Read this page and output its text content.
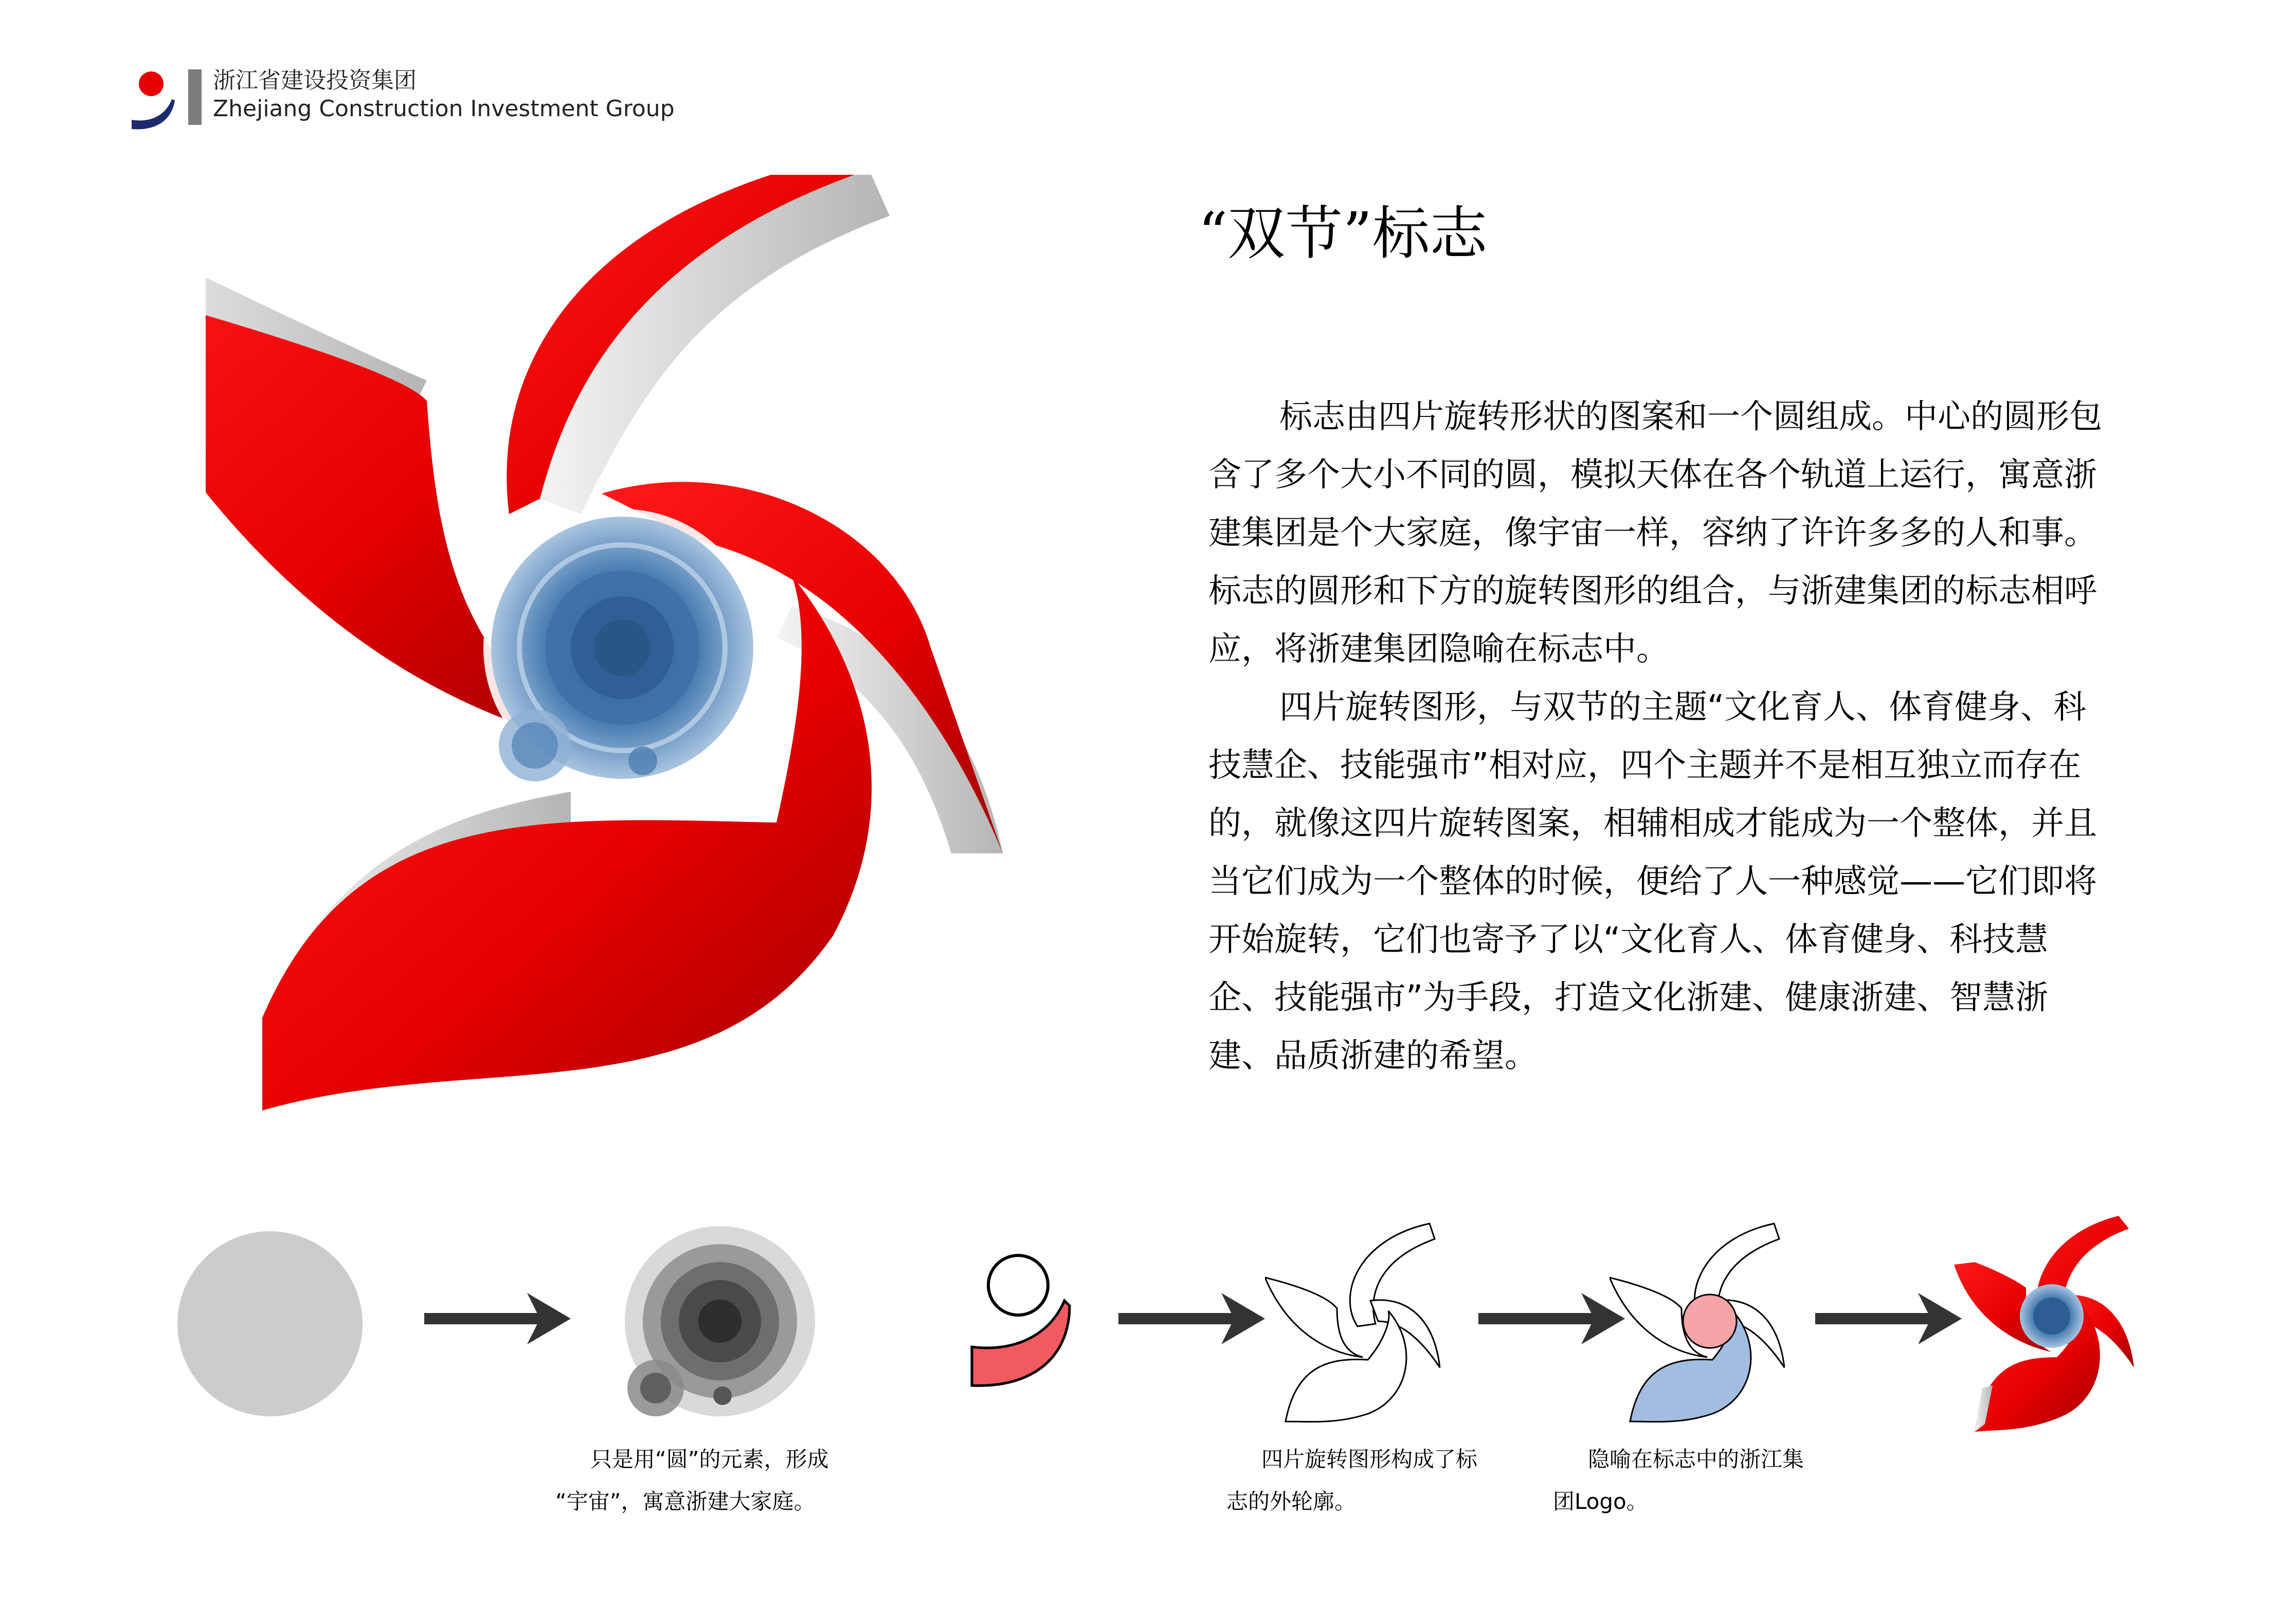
浙江省建设投资集团
Zhejiang Construction Investment Group
“双节”标志

标志由四片旋转形状的图案和一个圆组成。中心的圆形包含了多个大小不同的圆，模拟天体在各个轨道上运行，寓意浙建集团是个大家庭，像宇宙一样，容纳了许许多多的人和事。标志的圆形和下方的旋转图形的组合，与浙建集团的标志相呼应，将浙建集团隐喻在标志中。

四片旋转图形，与双节的主题“文化育人、体育健身、科技慧企、技能强市”相对应，四个主题并不是相互独立而存在的，就像这四片旋转图案，相辅相成才能成为一个整体，并且当它们成为一个整体的时候，便给了人一种感觉——它们即将开始旋转，它们也寄予了以“文化育人、体育健身、科技慧企、技能强市”为手段，打造文化浙建、健康浙建、智慧浙建、品质浙建的希望。

只是用“圆”的元素，形成
“宇宙”，寓意浙建大家庭。
四片旋转图形构成了标
志的外轮廓。
隐喻在标志中的浙江集
团Logo。
